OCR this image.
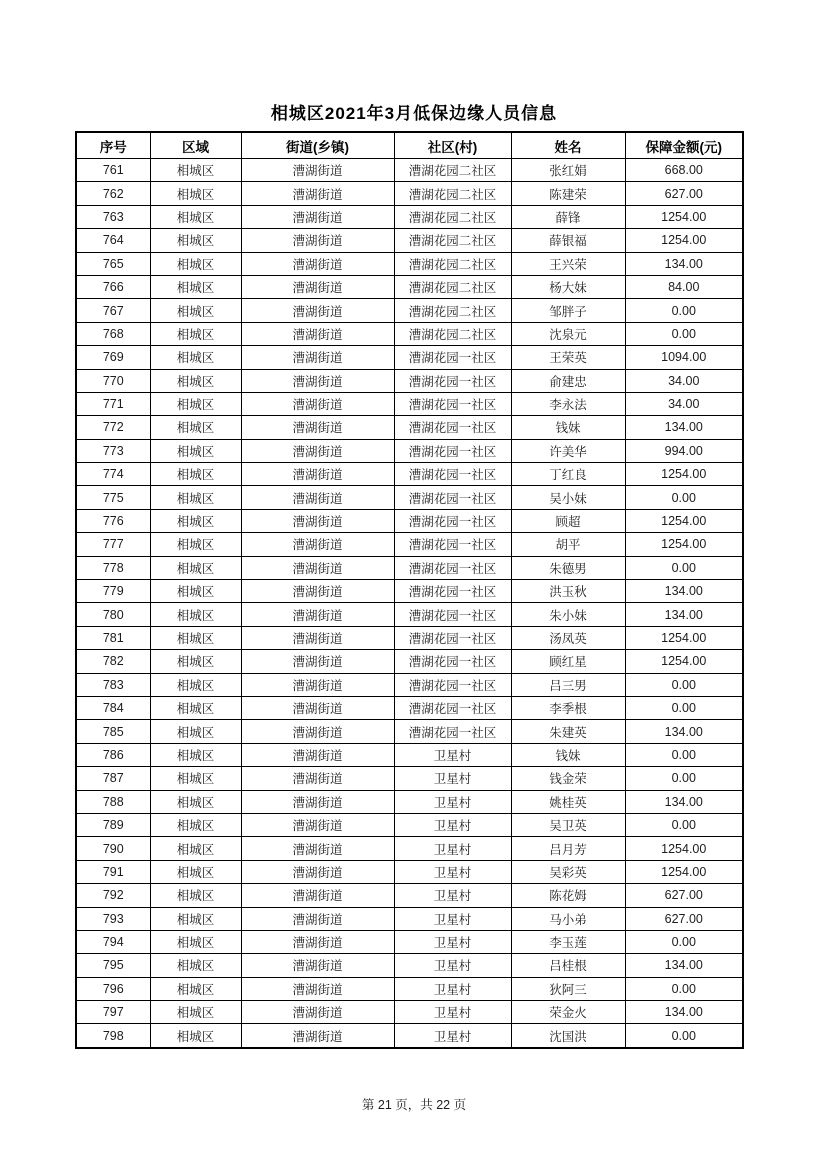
相城区2021年3月低保边缘人员信息
序号	区域	街道(乡镇)	社区(村)	姓名	保障金额(元)
761	相城区	漕湖街道	漕湖花园二社区	张红娟	668.00
762	相城区	漕湖街道	漕湖花园二社区	陈建荣	627.00
763	相城区	漕湖街道	漕湖花园二社区	薛锋	1254.00
764	相城区	漕湖街道	漕湖花园二社区	薛银福	1254.00
765	相城区	漕湖街道	漕湖花园二社区	王兴荣	134.00
766	相城区	漕湖街道	漕湖花园二社区	杨大妹	84.00
767	相城区	漕湖街道	漕湖花园二社区	邹胖子	0.00
768	相城区	漕湖街道	漕湖花园二社区	沈泉元	0.00
769	相城区	漕湖街道	漕湖花园一社区	王荣英	1094.00
770	相城区	漕湖街道	漕湖花园一社区	俞建忠	34.00
771	相城区	漕湖街道	漕湖花园一社区	李永法	34.00
772	相城区	漕湖街道	漕湖花园一社区	钱妹	134.00
773	相城区	漕湖街道	漕湖花园一社区	许美华	994.00
774	相城区	漕湖街道	漕湖花园一社区	丁红良	1254.00
775	相城区	漕湖街道	漕湖花园一社区	吴小妹	0.00
776	相城区	漕湖街道	漕湖花园一社区	顾超	1254.00
777	相城区	漕湖街道	漕湖花园一社区	胡平	1254.00
778	相城区	漕湖街道	漕湖花园一社区	朱德男	0.00
779	相城区	漕湖街道	漕湖花园一社区	洪玉秋	134.00
780	相城区	漕湖街道	漕湖花园一社区	朱小妹	134.00
781	相城区	漕湖街道	漕湖花园一社区	汤凤英	1254.00
782	相城区	漕湖街道	漕湖花园一社区	顾红星	1254.00
783	相城区	漕湖街道	漕湖花园一社区	吕三男	0.00
784	相城区	漕湖街道	漕湖花园一社区	李季根	0.00
785	相城区	漕湖街道	漕湖花园一社区	朱建英	134.00
786	相城区	漕湖街道	卫星村	钱妹	0.00
787	相城区	漕湖街道	卫星村	钱金荣	0.00
788	相城区	漕湖街道	卫星村	姚桂英	134.00
789	相城区	漕湖街道	卫星村	吴卫英	0.00
790	相城区	漕湖街道	卫星村	吕月芳	1254.00
791	相城区	漕湖街道	卫星村	吴彩英	1254.00
792	相城区	漕湖街道	卫星村	陈花姆	627.00
793	相城区	漕湖街道	卫星村	马小弟	627.00
794	相城区	漕湖街道	卫星村	李玉莲	0.00
795	相城区	漕湖街道	卫星村	吕桂根	134.00
796	相城区	漕湖街道	卫星村	狄阿三	0.00
797	相城区	漕湖街道	卫星村	荣金火	134.00
798	相城区	漕湖街道	卫星村	沈国洪	0.00
第 21 页，共 22 页
